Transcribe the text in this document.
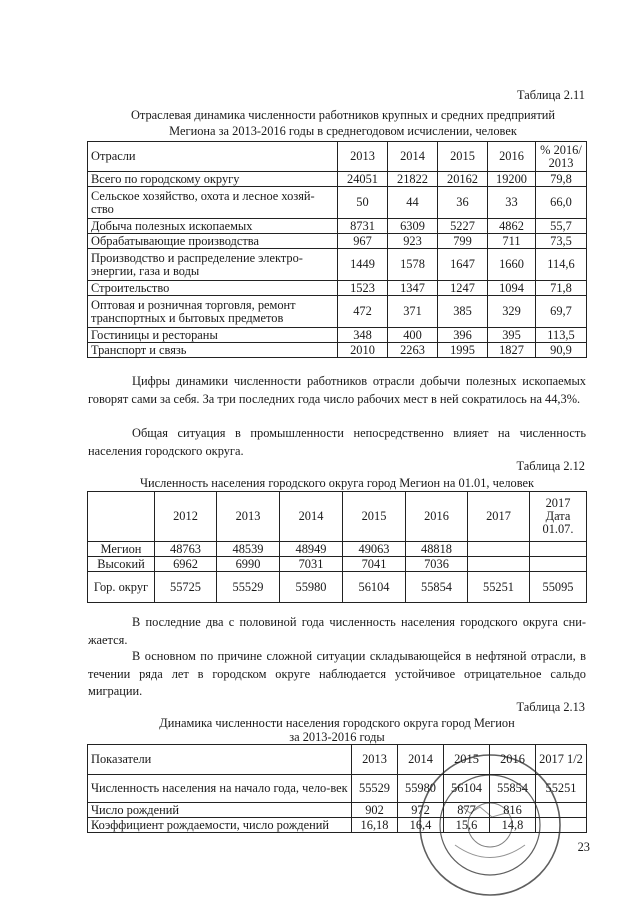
Таблица 2.11
Отраслевая динамика численности работников крупных и средних предприятий
Мегиона за 2013-2016 годы в среднегодовом исчислении, человек
Отрасли	2013	2014	2015	2016	% 2016/ 2013
Всего по городскому округу	24051	21822	20162	19200	79,8
Сельское хозяйство, охота и лесное хозяй-ство	50	44	36	33	66,0
Добыча полезных ископаемых	8731	6309	5227	4862	55,7
Обрабатывающие производства	967	923	799	711	73,5
Производство и распределение электро-энергии, газа и воды	1449	1578	1647	1660	114,6
Строительство	1523	1347	1247	1094	71,8
Оптовая и розничная торговля, ремонт транспортных и бытовых предметов	472	371	385	329	69,7
Гостиницы и рестораны	348	400	396	395	113,5
Транспорт и связь	2010	2263	1995	1827	90,9
Цифры динамики численности работников отрасли добычи полезных ископаемых говорят сами за себя. За три последних года число рабочих мест в ней сократилось на 44,3%.
Общая ситуация в промышленности непосредственно влияет на численность населения городского округа.
Таблица 2.12
Численность населения городского округа город Мегион на 01.01, человек
	2012	2013	2014	2015	2016	2017	2017 Дата 01.07.
Мегион	48763	48539	48949	49063	48818		
Высокий	6962	6990	7031	7041	7036		
Гор. округ	55725	55529	55980	56104	55854	55251	55095
В последние два с половиной года численность населения городского округа сни-жается.
В основном по причине сложной ситуации складывающейся в нефтяной отрасли, в течении ряда лет в городском округе наблюдается устойчивое отрицательное сальдо миграции.
Таблица 2.13
Динамика численности населения городского округа город Мегион
за 2013-2016 годы
Показатели	2013	2014	2015	2016	2017 1/2
Численность населения на начало года, чело-век	55529	55980	56104	55854	55251
Число рождений	902	972	877	816	
Коэффициент рождаемости, число рождений	16,18	16,4	15,6	14,8	
23
